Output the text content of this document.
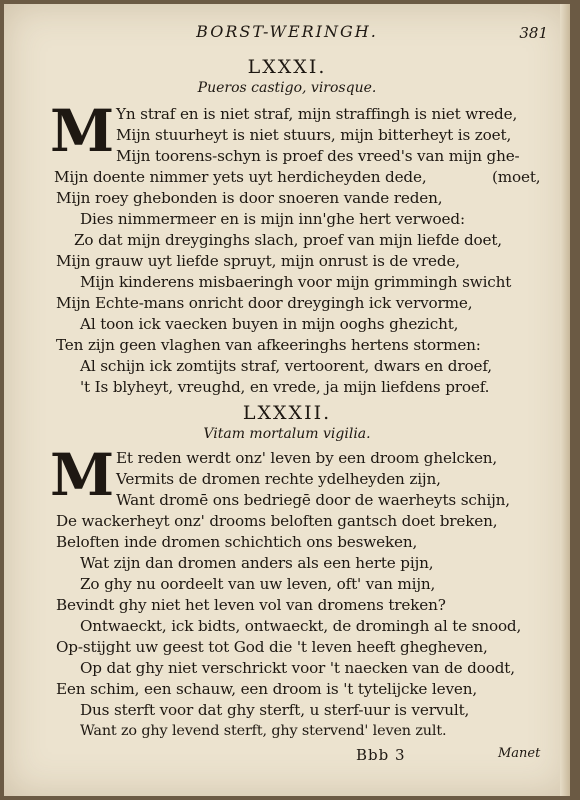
BORST-WERINGH.	381
LXXXI.
Pueros castigo, virosque.
M Yn straf en is niet straf, mijn straffingh is niet wrede,
Mijn stuurheyt is niet stuurs, mijn bitterheyt is zoet,
Mijn toorens-schyn is proef des vreed's van mijn ghe-
Mijn doente nimmer yets uyt herdicheyden dede,	(moet,
Mijn roey ghebonden is door snoeren vande reden,
Dies nimmermeer en is mijn inn'ghe hert verwoed:
Zo dat mijn dreyginghs slach, proef van mijn liefde doet,
Mijn grauw uyt liefde spruyt, mijn onrust is de vrede,
Mijn kinderens misbaeringh voor mijn grimmingh swicht
Mijn Echte-mans onricht door dreygingh ick vervorme,
Al toon ick vaecken buyen in mijn ooghs ghezicht,
Ten zijn geen vlaghen van afkeeringhs hertens stormen:
Al schijn ick zomtijts straf, vertoorent, dwars en droef,
't Is blyheyt, vreughd, en vrede, ja mijn liefdens proef.
LXXXII.
Vitam mortalum vigilia.
M Et reden werdt onz' leven by een droom ghelcken,
Vermits de dromen rechte ydelheyden zijn,
Want dromē ons bedriegē door de waerheyts schijn,
De wackerheyt onz' drooms beloften gantsch doet breken,
Beloften inde dromen schichtich ons besweken,
Wat zijn dan dromen anders als een herte pijn,
Zo ghy nu oordeelt van uw leven, oft' van mijn,
Bevindt ghy niet het leven vol van dromens treken?
Ontwaeckt, ick bidts, ontwaeckt, de dromingh al te snood,
Op-stijght uw geest tot God die 't leven heeft ghegheven,
Op dat ghy niet verschrickt voor 't naecken van de doodt,
Een schim, een schauw, een droom is 't tytelijcke leven,
Dus sterft voor dat ghy sterft, u sterf-uur is vervult,
Want zo ghy levend sterft, ghy stervend' leven zult.
Bbb 3	Manet
